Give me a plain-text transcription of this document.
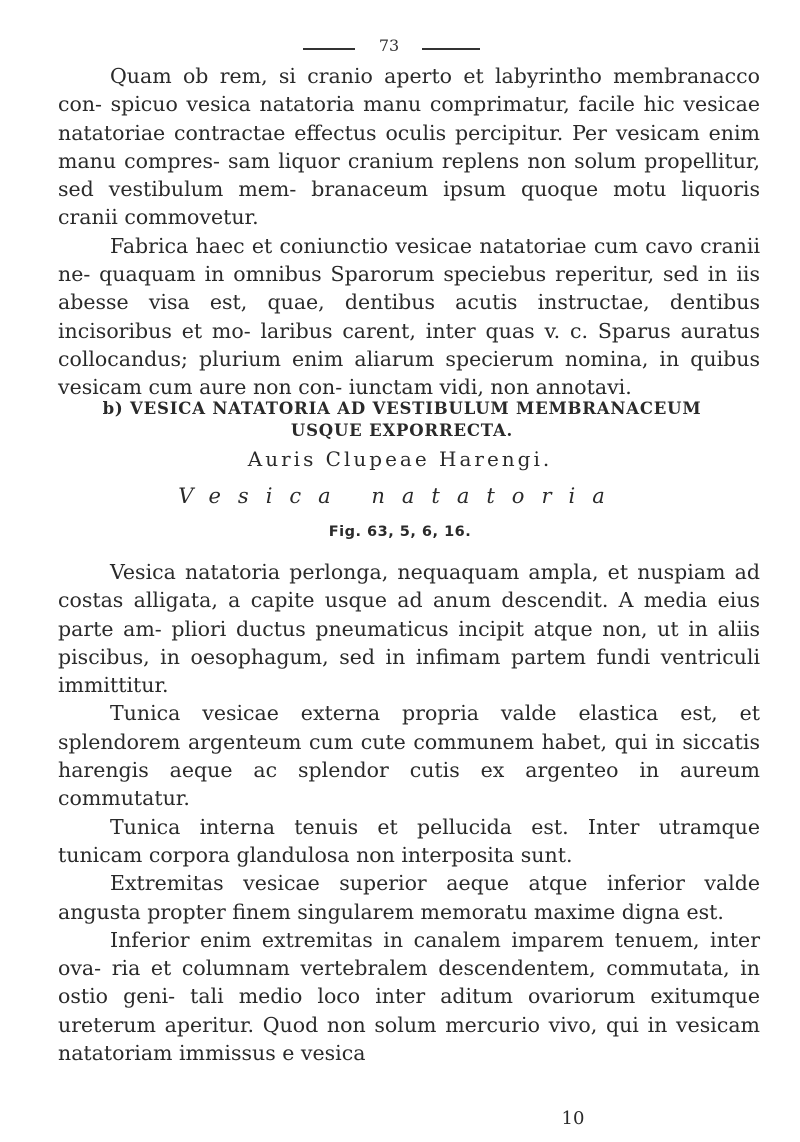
73

Quam ob rem, si cranio aperto et labyrintho membranacco con- spicuo vesica natatoria manu comprimatur, facile hic vesicae natatoriae contractae effectus oculis percipitur. Per vesicam enim manu compres- sam liquor cranium replens non solum propellitur, sed vestibulum mem- branaceum ipsum quoque motu liquoris cranii commovetur.

Fabrica haec et coniunctio vesicae natatoriae cum cavo cranii ne- quaquam in omnibus Sparorum speciebus reperitur, sed in iis abesse visa est, quae, dentibus acutis instructae, dentibus incisoribus et mo- laribus carent, inter quas v. c. Sparus auratus collocandus; plurium enim aliarum specierum nomina, in quibus vesicam cum aure non con- iunctam vidi, non annotavi.

b) VESICA NATATORIA AD VESTIBULUM MEMBRANACEUM USQUE EXPORRECTA.
Auris Clupeae Harengi.
Vesica natatoria
Fig. 63, 5, 6, 16.

Vesica natatoria perlonga, nequaquam ampla, et nuspiam ad costas alligata, a capite usque ad anum descendit. A media eius parte am- pliori ductus pneumaticus incipit atque non, ut in aliis piscibus, in oesophagum, sed in infimam partem fundi ventriculi immittitur.

Tunica vesicae externa propria valde elastica est, et splendorem argenteum cum cute communem habet, qui in siccatis harengis aeque ac splendor cutis ex argenteo in aureum commutatur.

Tunica interna tenuis et pellucida est. Inter utramque tunicam corpora glandulosa non interposita sunt.

Extremitas vesicae superior aeque atque inferior valde angusta propter finem singularem memoratu maxime digna est.

Inferior enim extremitas in canalem imparem tenuem, inter ova- ria et columnam vertebralem descendentem, commutata, in ostio geni- tali medio loco inter aditum ovariorum exitumque ureterum aperitur. Quod non solum mercurio vivo, qui in vesicam natatoriam immissus e vesica

10
